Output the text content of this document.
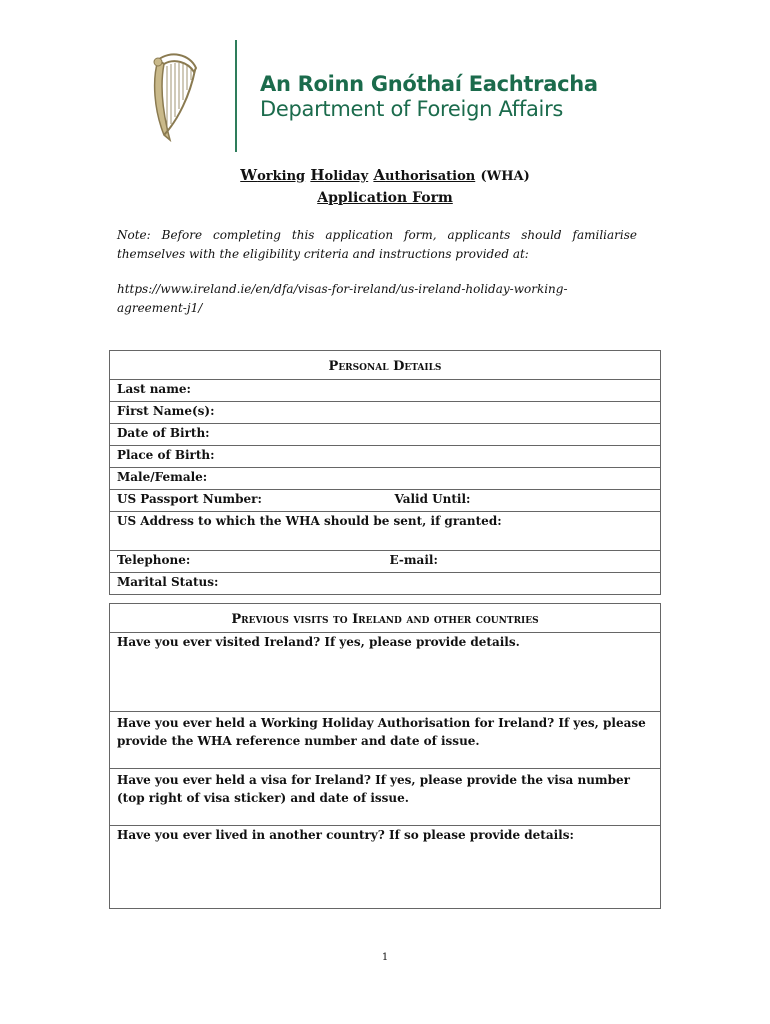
An Roinn Gnóthaí Eachtracha
Department of Foreign Affairs
Working Holiday Authorisation (WHA)
Application Form
Note: Before completing this application form, applicants should familiarise themselves with the eligibility criteria and instructions provided at:
https://www.ireland.ie/en/dfa/visas-for-ireland/us-ireland-holiday-working-agreement-j1/
Personal Details
Last name:
First Name(s):
Date of Birth:
Place of Birth:
Male/Female:
US Passport Number:	Valid Until:

US Address to which the WHA should be sent, if granted:
Telephone:	E-mail:

Marital Status:
Previous visits to Ireland and other countries
Have you ever visited Ireland? If yes, please provide details.
Have you ever held a Working Holiday Authorisation for Ireland? If yes, please provide the WHA reference number and date of issue.
Have you ever held a visa for Ireland? If yes, please provide the visa number (top right of visa sticker) and date of issue.
Have you ever lived in another country? If so please provide details:
1
